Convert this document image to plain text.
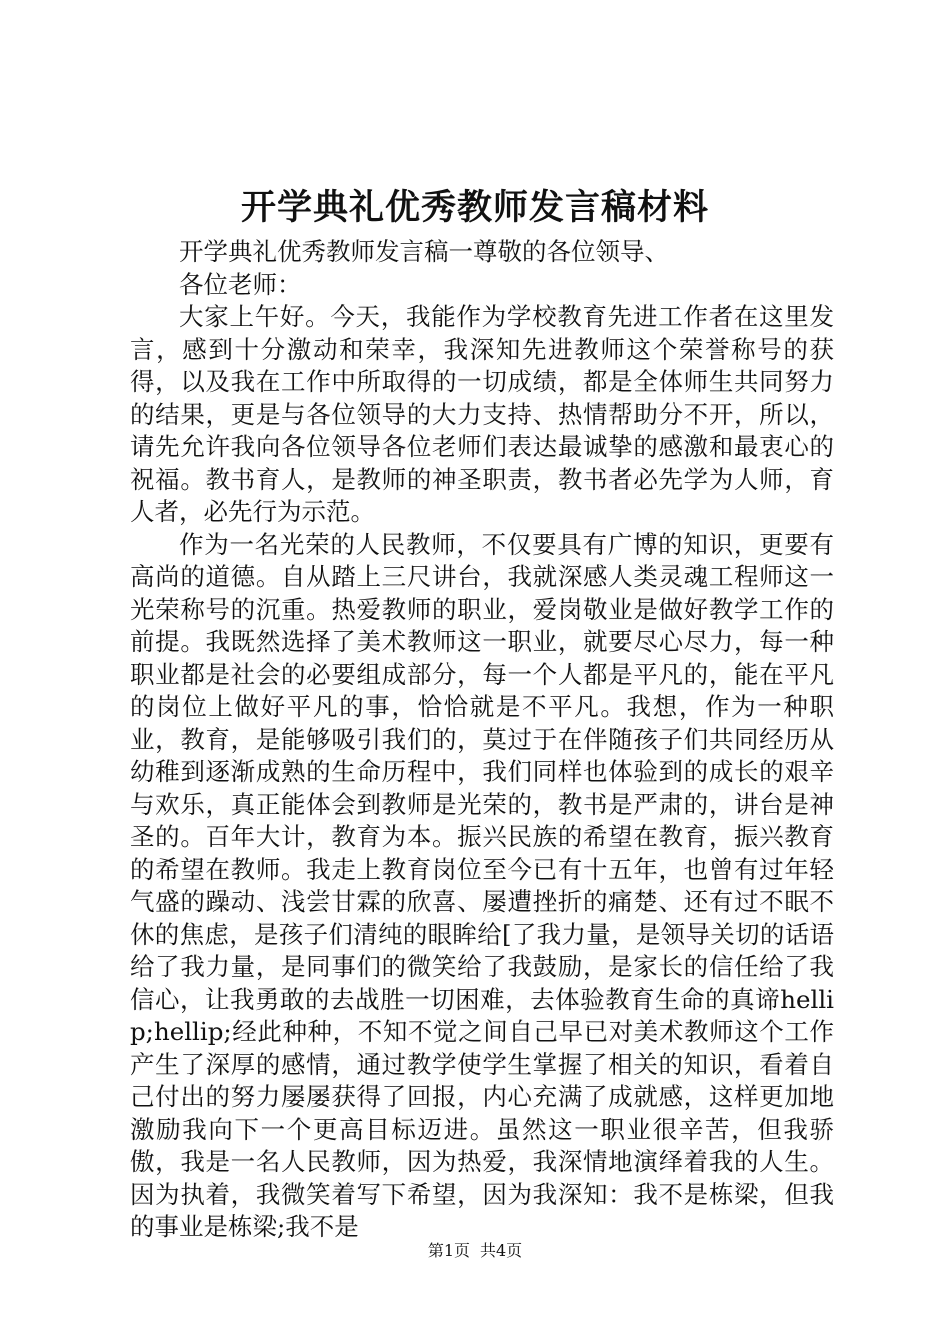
开学典礼优秀教师发言稿材料

开学典礼优秀教师发言稿一尊敬的各位领导、

各位老师：

大家上午好。今天，我能作为学校教育先进工作者在这里发言，感到十分激动和荣幸，我深知先进教师这个荣誉称号的获得，以及我在工作中所取得的一切成绩，都是全体师生共同努力的结果，更是与各位领导的大力支持、热情帮助分不开，所以，请先允许我向各位领导各位老师们表达最诚挚的感激和最衷心的祝福。教书育人，是教师的神圣职责，教书者必先学为人师，育人者，必先行为示范。

作为一名光荣的人民教师，不仅要具有广博的知识，更要有高尚的道德。自从踏上三尺讲台，我就深感人类灵魂工程师这一光荣称号的沉重。热爱教师的职业，爱岗敬业是做好教学工作的前提。我既然选择了美术教师这一职业，就要尽心尽力，每一种职业都是社会的必要组成部分，每一个人都是平凡的，能在平凡的岗位上做好平凡的事，恰恰就是不平凡。我想，作为一种职业，教育，是能够吸引我们的，莫过于在伴随孩子们共同经历从幼稚到逐渐成熟的生命历程中，我们同样也体验到的成长的艰辛与欢乐，真正能体会到教师是光荣的，教书是严肃的，讲台是神圣的。百年大计，教育为本。振兴民族的希望在教育，振兴教育的希望在教师。我走上教育岗位至今已有十五年，也曾有过年轻气盛的躁动、浅尝甘霖的欣喜、屡遭挫折的痛楚、还有过不眠不休的焦虑，是孩子们清纯的眼眸给[了我力量，是领导关切的话语给了我力量，是同事们的微笑给了我鼓励，是家长的信任给了我信心，让我勇敢的去战胜一切困难，去体验教育生命的真谛hellip;hellip;经此种种，不知不觉之间自己早已对美术教师这个工作产生了深厚的感情，通过教学使学生掌握了相关的知识，看着自己付出的努力屡屡获得了回报，内心充满了成就感，这样更加地激励我向下一个更高目标迈进。虽然这一职业很辛苦，但我骄傲，我是一名人民教师，因为热爱，我深情地演绎着我的人生。因为执着，我微笑着写下希望，因为我深知：我不是栋梁，但我的事业是栋梁;我不是

第1页 共4页
